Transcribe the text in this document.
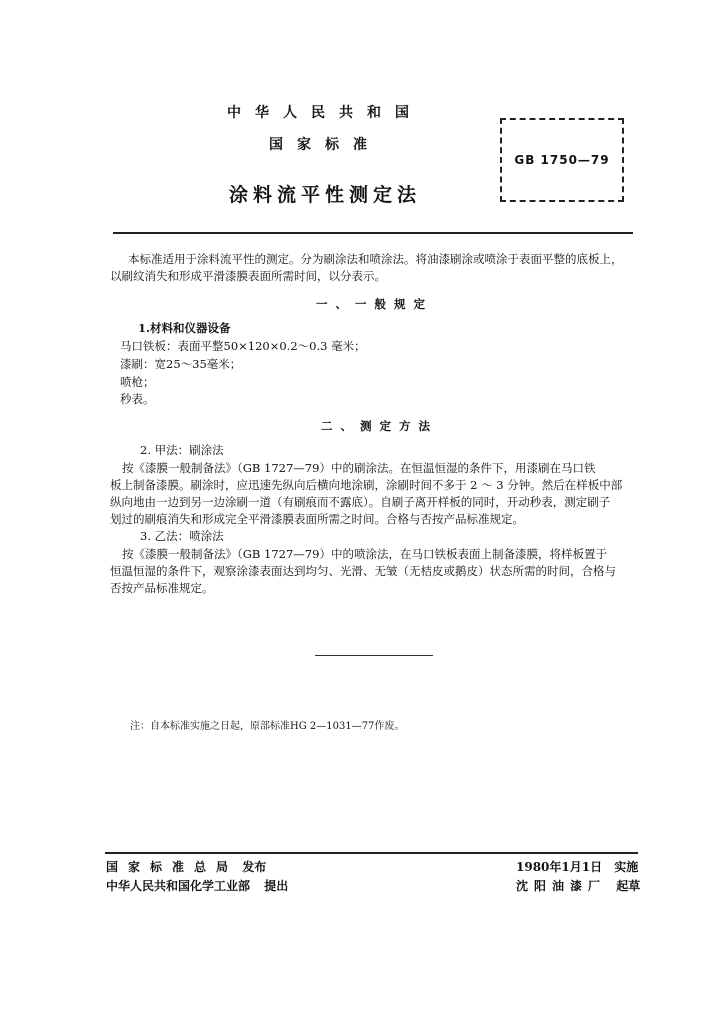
中华人民共和国
国家标准
涂料流平性测定法
GB 1750—79
本标准适用于涂料流平性的测定。分为刷涂法和喷涂法。将油漆刷涂或喷涂于表面平整的底板上，
以刷纹消失和形成平滑漆膜表面所需时间，以分表示。
一、一般规定
1.材料和仪器设备
马口铁板：表面平整50×120×0.2～0.3 毫米；
漆刷：宽25～35毫米；
喷枪；
秒表。
二、测定方法
2. 甲法：刷涂法
按《漆膜一般制备法》（GB 1727—79）中的刷涂法。在恒温恒湿的条件下，用漆刷在马口铁
板上制备漆膜。刷涂时，应迅速先纵向后横向地涂刷，涂刷时间不多于 2 ～ 3 分钟。然后在样板中部
纵向地由一边到另一边涂刷一道（有刷痕而不露底）。自刷子离开样板的同时，开动秒表，测定刷子
划过的刷痕消失和形成完全平滑漆膜表面所需之时间。合格与否按产品标准规定。
3. 乙法：喷涂法
按《漆膜一般制备法》（GB 1727—79）中的喷涂法，在马口铁板表面上制备漆膜，将样板置于
恒温恒湿的条件下，观察涂漆表面达到均匀、光滑、无皱（无桔皮或鹅皮）状态所需的时间，合格与
否按产品标准规定。
注：自本标准实施之日起，原部标准HG 2—1031—77作废。
国家标准总局 发布
中华人民共和国化学工业部 提出
1980年1月1日 实施
沈阳油漆厂 起草
